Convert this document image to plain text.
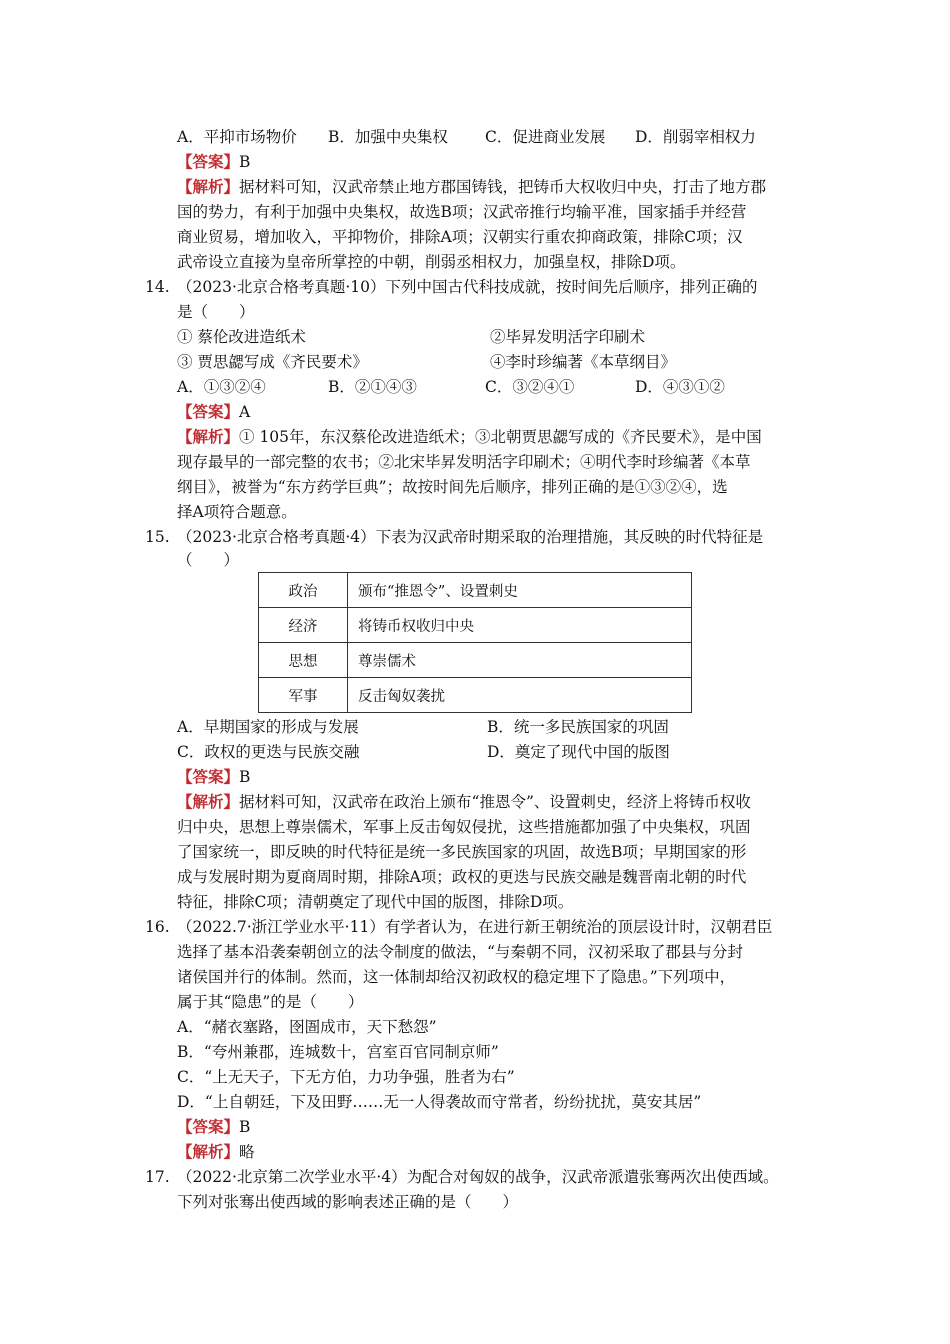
A．平抑市场物价	B．加强中央集权	C．促进商业发展	D．削弱宰相权力
【答案】B
【解析】据材料可知，汉武帝禁止地方郡国铸钱，把铸币大权收归中央，打击了地方郡
国的势力，有利于加强中央集权，故选B项；汉武帝推行均输平准，国家插手并经营
商业贸易，增加收入，平抑物价，排除A项；汉朝实行重农抑商政策，排除C项；汉
武帝设立直接为皇帝所掌控的中朝，削弱丞相权力，加强皇权，排除D项。
14. （2023·北京合格考真题·10）下列中国古代科技成就，按时间先后顺序，排列正确的
是（　　）
① 蔡伦改进造纸术	②毕昇发明活字印刷术
③ 贾思勰写成《齐民要术》	④李时珍编著《本草纲目》
A．①③②④	B．②①④③	C．③②④①	D．④③①②
【答案】A
【解析】① 105年，东汉蔡伦改进造纸术；③北朝贾思勰写成的《齐民要术》，是中国
现存最早的一部完整的农书；②北宋毕昇发明活字印刷术；④明代李时珍编著《本草
纲目》，被誉为“东方药学巨典”；故按时间先后顺序，排列正确的是①③②④，选
择A项符合题意。
15. （2023·北京合格考真题·4）下表为汉武帝时期采取的治理措施，其反映的时代特征是
（　　）
政治	颁布“推恩令”、设置刺史
经济	将铸币权收归中央
思想	尊崇儒术
军事	反击匈奴袭扰
A．早期国家的形成与发展	B．统一多民族国家的巩固
C．政权的更迭与民族交融	D．奠定了现代中国的版图
【答案】B
【解析】据材料可知，汉武帝在政治上颁布“推恩令”、设置刺史，经济上将铸币权收
归中央，思想上尊崇儒术，军事上反击匈奴侵扰，这些措施都加强了中央集权，巩固
了国家统一，即反映的时代特征是统一多民族国家的巩固，故选B项；早期国家的形
成与发展时期为夏商周时期，排除A项；政权的更迭与民族交融是魏晋南北朝的时代
特征，排除C项；清朝奠定了现代中国的版图，排除D项。
16. （2022.7·浙江学业水平·11）有学者认为，在进行新王朝统治的顶层设计时，汉朝君臣
选择了基本沿袭秦朝创立的法令制度的做法，“与秦朝不同，汉初采取了郡县与分封
诸侯国并行的体制。然而，这一体制却给汉初政权的稳定埋下了隐患。”下列项中，
属于其“隐患”的是（　　）
A．“赭衣塞路，囹圄成市，天下愁怨”
B．“夸州兼郡，连城数十，宫室百官同制京师”
C．“上无天子，下无方伯，力功争强，胜者为右”
D．“上自朝廷，下及田野……无一人得袭故而守常者，纷纷扰扰，莫安其居”
【答案】B
【解析】略
17. （2022·北京第二次学业水平·4）为配合对匈奴的战争，汉武帝派遣张骞两次出使西域。
下列对张骞出使西域的影响表述正确的是（　　）
